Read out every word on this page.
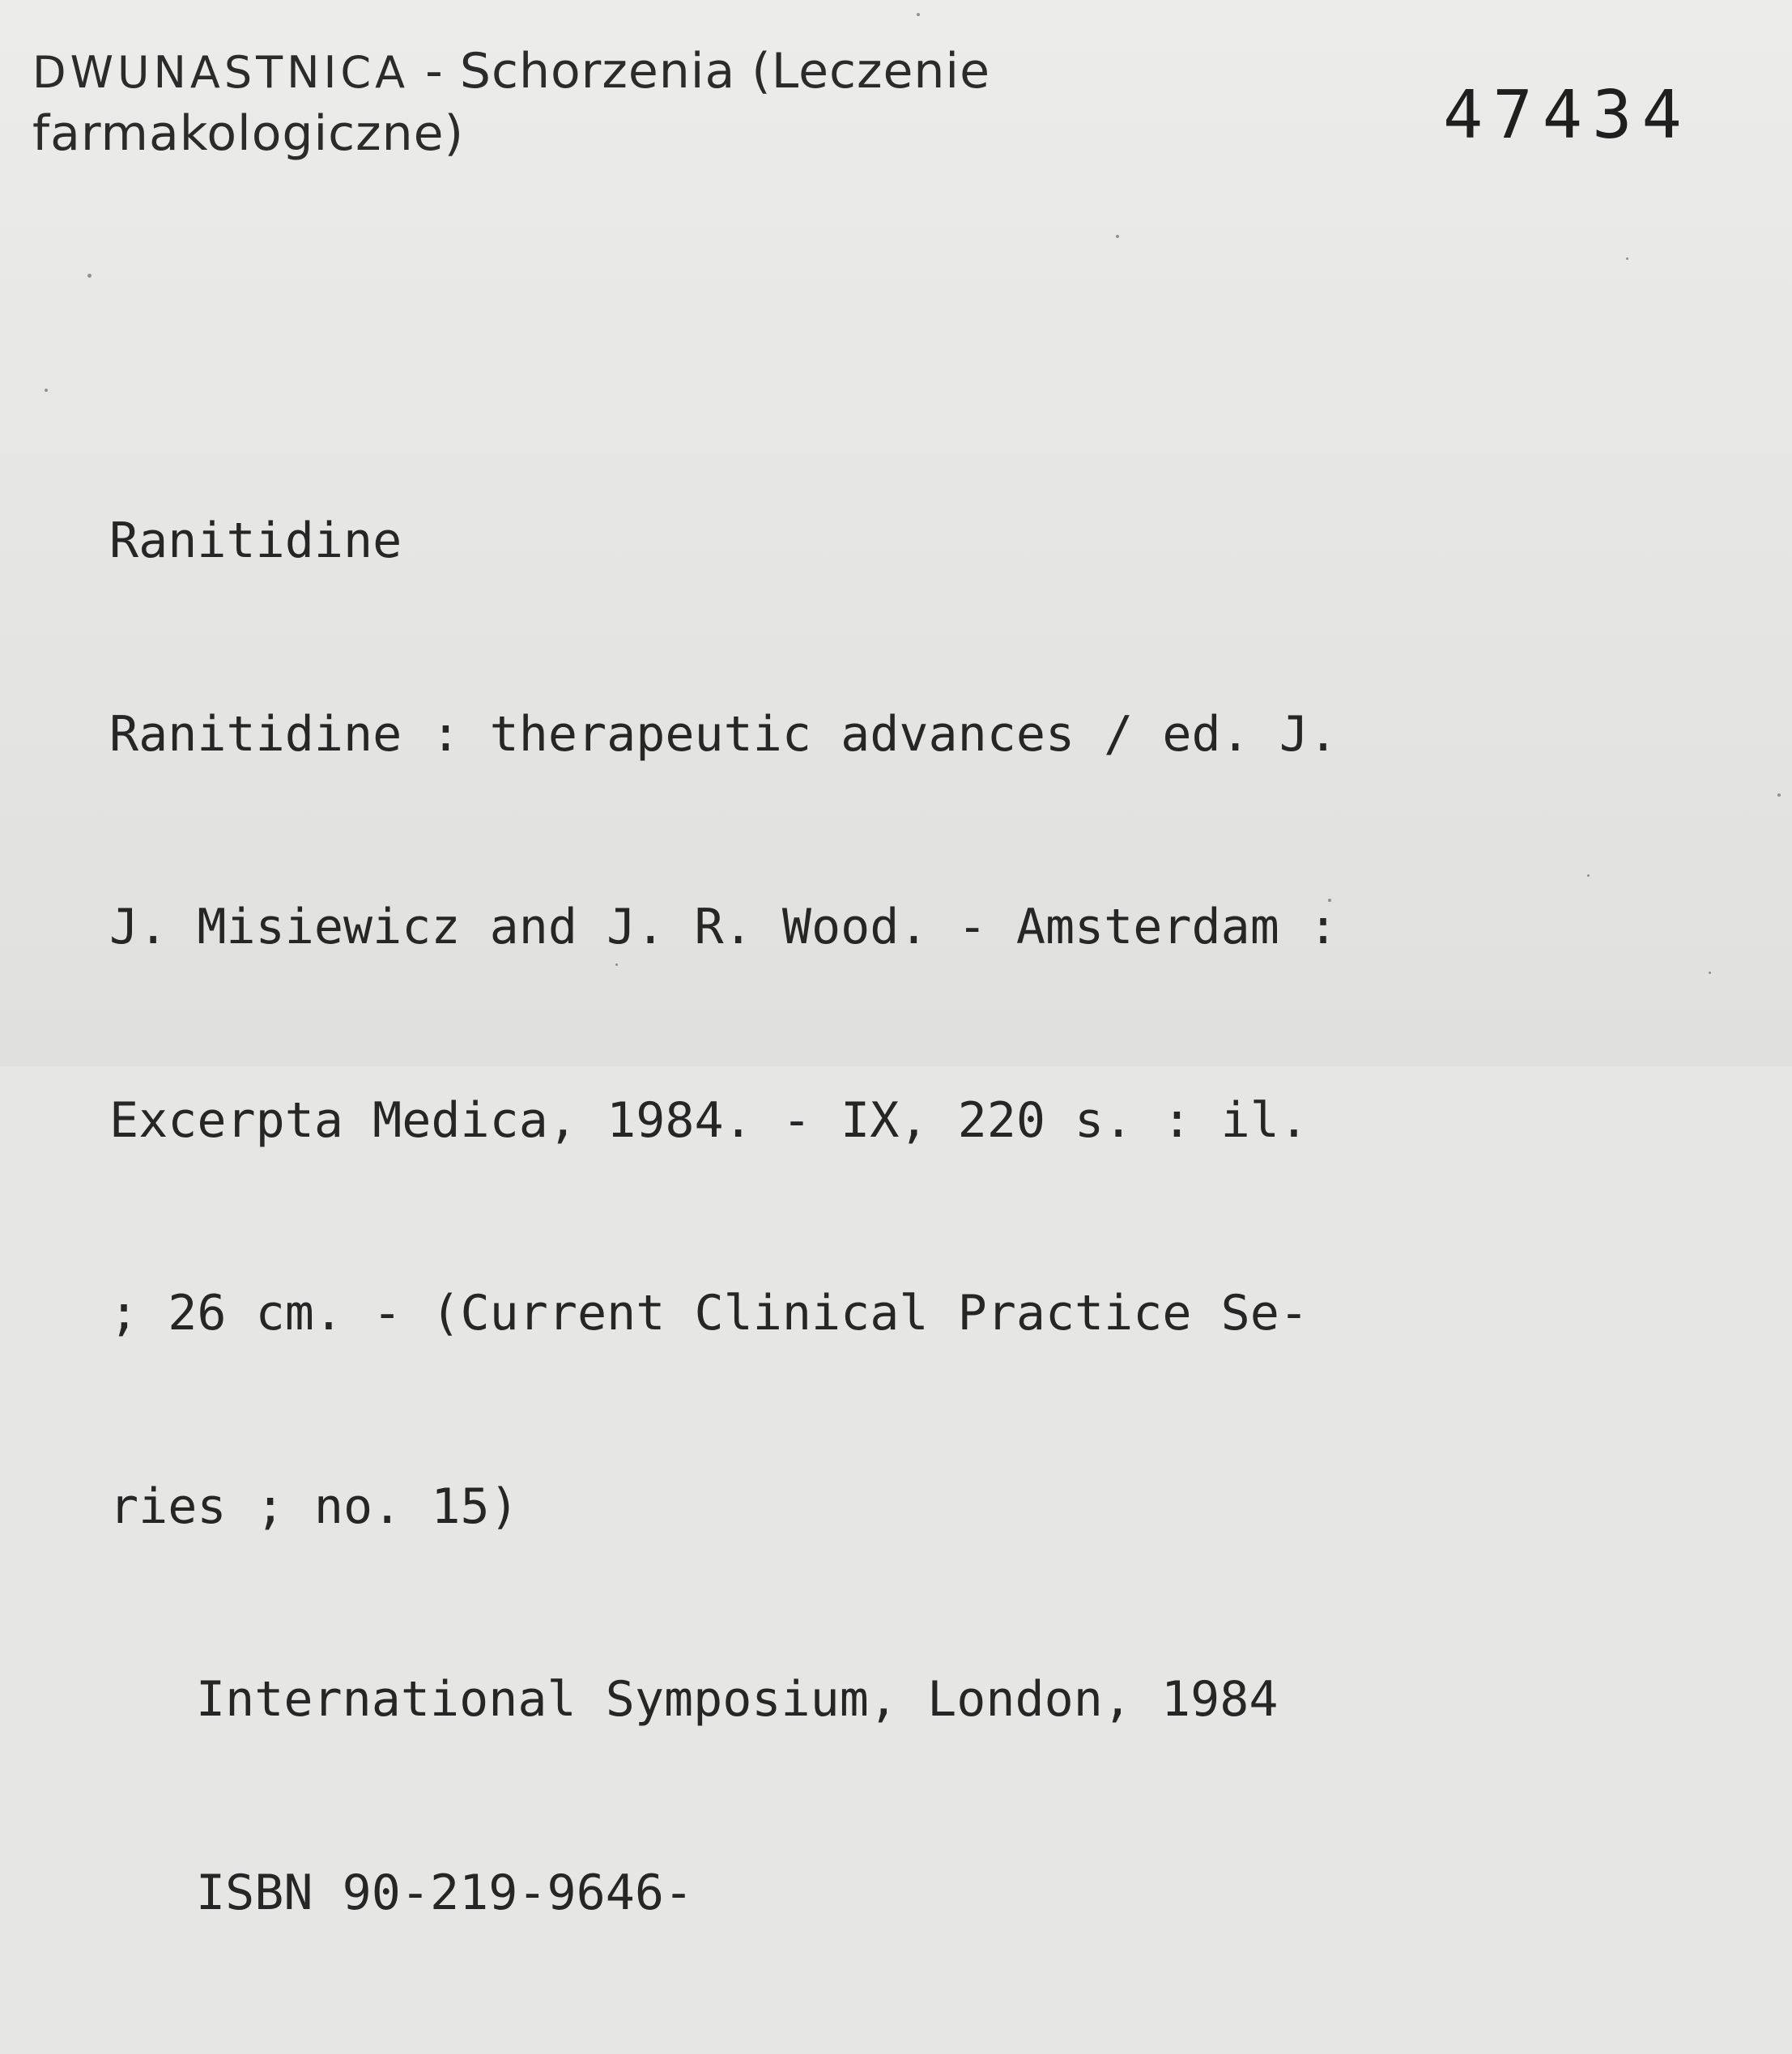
DWUNASTNICA - Schorzenia (Leczenie
farmakologiczne)	47434

Ranitidine

Ranitidine : therapeutic advances / ed. J.

J. Misiewicz and J. R. Wood. - Amsterdam :

Excerpta Medica, 1984. - IX, 220 s. : il.

; 26 cm. - (Current Clinical Practice Se-

ries ; no. 15)

International Symposium, London, 1984

ISBN 90-219-9646-
